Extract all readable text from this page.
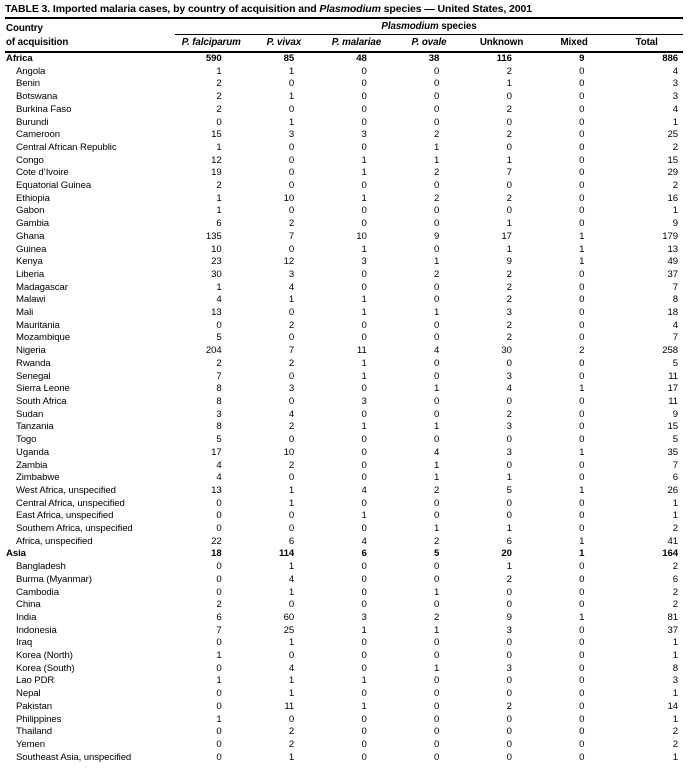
TABLE 3. Imported malaria cases, by country of acquisition and Plasmodium species — United States, 2001
Country	Plasmodium species						
of acquisition	P. falciparum	P. vivax	P. malariae	P. ovale	Unknown	Mixed	Total
Africa	590	85	48	38	116	9	886
Angola	1	1	0	0	2	0	4
Benin	2	0	0	0	1	0	3
Botswana	2	1	0	0	0	0	3
Burkina Faso	2	0	0	0	2	0	4
Burundi	0	1	0	0	0	0	1
Cameroon	15	3	3	2	2	0	25
Central African Republic	1	0	0	1	0	0	2
Congo	12	0	1	1	1	0	15
Cote d’Ivoire	19	0	1	2	7	0	29
Equatorial Guinea	2	0	0	0	0	0	2
Ethiopia	1	10	1	2	2	0	16
Gabon	1	0	0	0	0	0	1
Gambia	6	2	0	0	1	0	9
Ghana	135	7	10	9	17	1	179
Guinea	10	0	1	0	1	1	13
Kenya	23	12	3	1	9	1	49
Liberia	30	3	0	2	2	0	37
Madagascar	1	4	0	0	2	0	7
Malawi	4	1	1	0	2	0	8
Mali	13	0	1	1	3	0	18
Mauritania	0	2	0	0	2	0	4
Mozambique	5	0	0	0	2	0	7
Nigeria	204	7	11	4	30	2	258
Rwanda	2	2	1	0	0	0	5
Senegal	7	0	1	0	3	0	11
Sierra Leone	8	3	0	1	4	1	17
South Africa	8	0	3	0	0	0	11
Sudan	3	4	0	0	2	0	9
Tanzania	8	2	1	1	3	0	15
Togo	5	0	0	0	0	0	5
Uganda	17	10	0	4	3	1	35
Zambia	4	2	0	1	0	0	7
Zimbabwe	4	0	0	1	1	0	6
West Africa, unspecified	13	1	4	2	5	1	26
Central Africa, unspecified	0	1	0	0	0	0	1
East Africa, unspecified	0	0	1	0	0	0	1
Southern Africa, unspecified	0	0	0	1	1	0	2
Africa, unspecified	22	6	4	2	6	1	41
Asia	18	114	6	5	20	1	164
Bangladesh	0	1	0	0	1	0	2
Burma (Myanmar)	0	4	0	0	2	0	6
Cambodia	0	1	0	1	0	0	2
China	2	0	0	0	0	0	2
India	6	60	3	2	9	1	81
Indonesia	7	25	1	1	3	0	37
Iraq	0	1	0	0	0	0	1
Korea (North)	1	0	0	0	0	0	1
Korea (South)	0	4	0	1	3	0	8
Lao PDR	1	1	1	0	0	0	3
Nepal	0	1	0	0	0	0	1
Pakistan	0	11	1	0	2	0	14
Philippines	1	0	0	0	0	0	1
Thailand	0	2	0	0	0	0	2
Yemen	0	2	0	0	0	0	2
Southeast Asia, unspecified	0	1	0	0	0	0	1
